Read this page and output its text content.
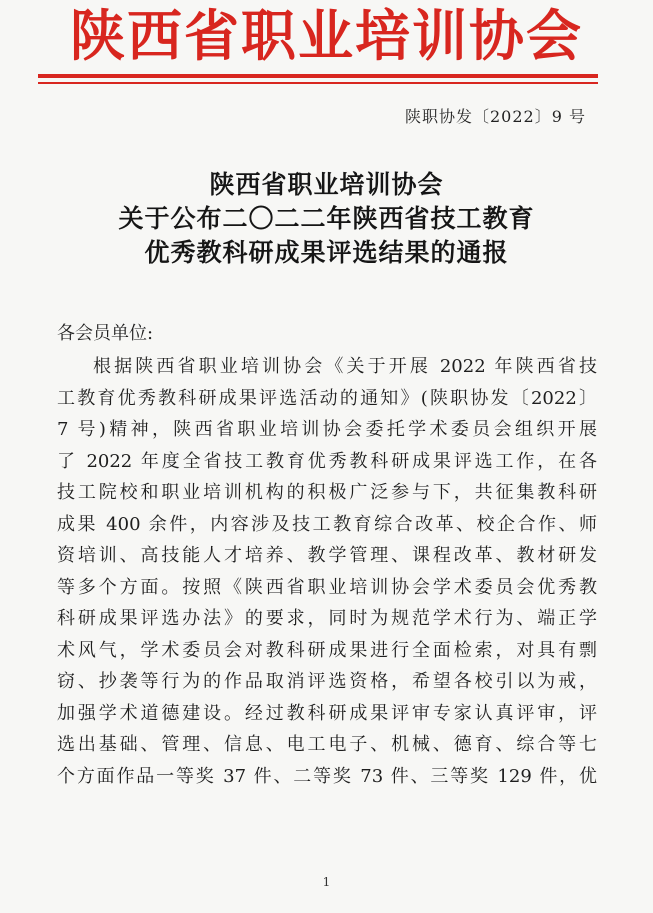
陕西省职业培训协会
陕职协发〔2022〕9 号
陕西省职业培训协会
关于公布二〇二二年陕西省技工教育
优秀教科研成果评选结果的通报
各会员单位:
根据陕西省职业培训协会《关于开展 2022 年陕西省技
工教育优秀教科研成果评选活动的通知》(陕职协发〔2022〕
7 号)精神，陕西省职业培训协会委托学术委员会组织开展
了 2022 年度全省技工教育优秀教科研成果评选工作，在各
技工院校和职业培训机构的积极广泛参与下，共征集教科研
成果 400 余件，内容涉及技工教育综合改革、校企合作、师
资培训、高技能人才培养、教学管理、课程改革、教材研发
等多个方面。按照《陕西省职业培训协会学术委员会优秀教
科研成果评选办法》的要求，同时为规范学术行为、端正学
术风气，学术委员会对教科研成果进行全面检索，对具有剽
窃、抄袭等行为的作品取消评选资格，希望各校引以为戒，
加强学术道德建设。经过教科研成果评审专家认真评审，评
选出基础、管理、信息、电工电子、机械、德育、综合等七
个方面作品一等奖 37 件、二等奖 73 件、三等奖 129 件，优
1
